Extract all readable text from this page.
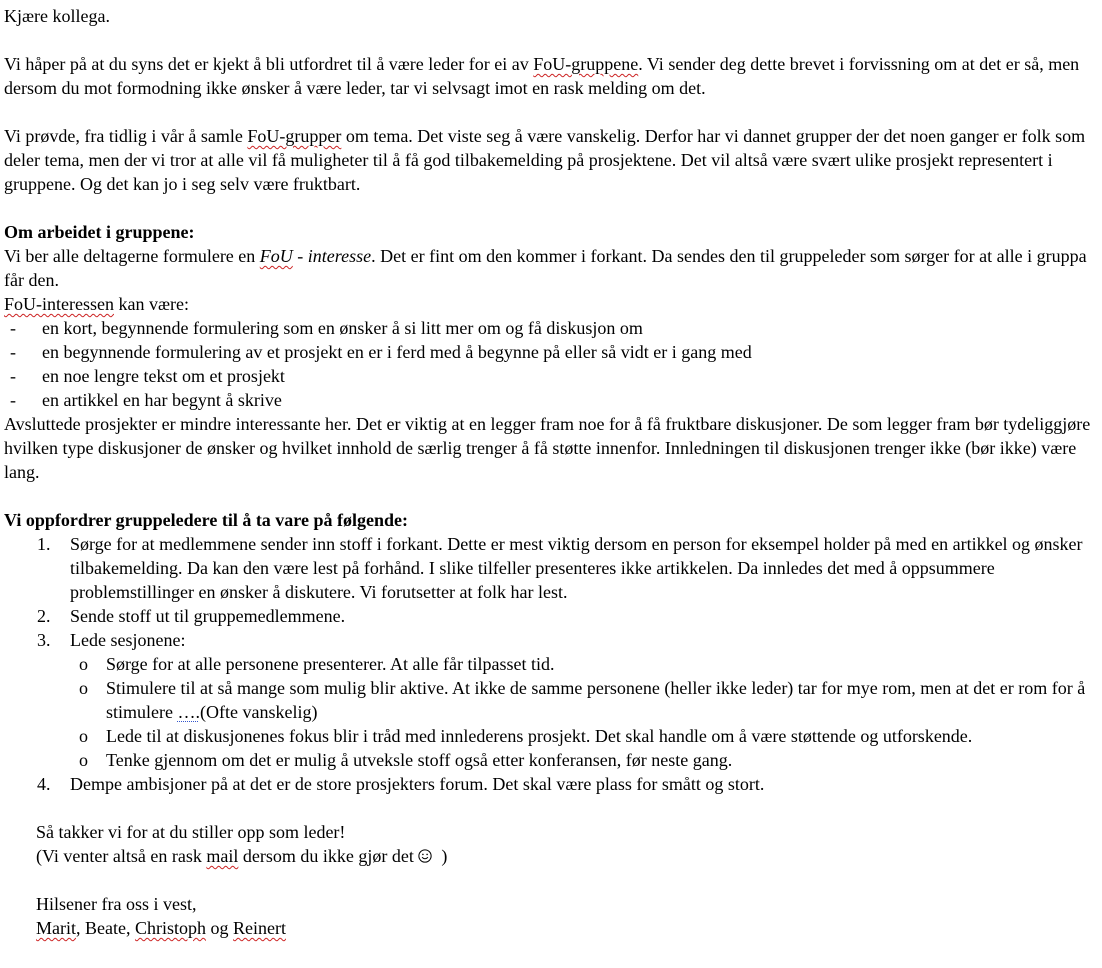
Kjære kollega.

Vi håper på at du syns det er kjekt å bli utfordret til å være leder for ei av FoU-gruppene. Vi sender deg dette brevet i forvissning om at det er så, men dersom du mot formodning ikke ønsker å være leder, tar vi selvsagt imot en rask melding om det.

Vi prøvde, fra tidlig i vår å samle FoU-grupper om tema. Det viste seg å være vanskelig. Derfor har vi dannet grupper der det noen ganger er folk som deler tema, men der vi tror at alle vil få muligheter til å få god tilbakemelding på prosjektene. Det vil altså være svært ulike prosjekt representert i gruppene. Og det kan jo i seg selv være fruktbart.

Om arbeidet i gruppene:

Vi ber alle deltagerne formulere en FoU - interesse. Det er fint om den kommer i forkant. Da sendes den til gruppeleder som sørger for at alle i gruppa får den.

FoU-interessen kan være:

- en kort, begynnende formulering som en ønsker å si litt mer om og få diskusjon om
- en begynnende formulering av et prosjekt en er i ferd med å begynne på eller så vidt er i gang med
- en noe lengre tekst om et prosjekt
- en artikkel en har begynt å skrive

Avsluttede prosjekter er mindre interessante her. Det er viktig at en legger fram noe for å få fruktbare diskusjoner. De som legger fram bør tydeliggjøre hvilken type diskusjoner de ønsker og hvilket innhold de særlig trenger å få støtte innenfor. Innledningen til diskusjonen trenger ikke (bør ikke) være lang.

Vi oppfordrer gruppeledere til å ta vare på følgende:

1. Sørge for at medlemmene sender inn stoff i forkant. Dette er mest viktig dersom en person for eksempel holder på med en artikkel og ønsker tilbakemelding. Da kan den være lest på forhånd. I slike tilfeller presenteres ikke artikkelen. Da innledes det med å oppsummere problemstillinger en ønsker å diskutere. Vi forutsetter at folk har lest.
2. Sende stoff ut til gruppemedlemmene.
3. Lede sesjonene:
o Sørge for at alle personene presenterer. At alle får tilpasset tid.
o Stimulere til at så mange som mulig blir aktive. At ikke de samme personene (heller ikke leder) tar for mye rom, men at det er rom for å stimulere ….(Ofte vanskelig)
o Lede til at diskusjonenes fokus blir i tråd med innlederens prosjekt. Det skal handle om å være støttende og utforskende.
o Tenke gjennom om det er mulig å utveksle stoff også etter konferansen, før neste gang.
4. Dempe ambisjoner på at det er de store prosjekters forum. Det skal være plass for smått og stort.

Så takker vi for at du stiller opp som leder!

(Vi venter altså en rask mail dersom du ikke gjør det   )

Hilsener fra oss i vest,

Marit, Beate, Christoph og Reinert
